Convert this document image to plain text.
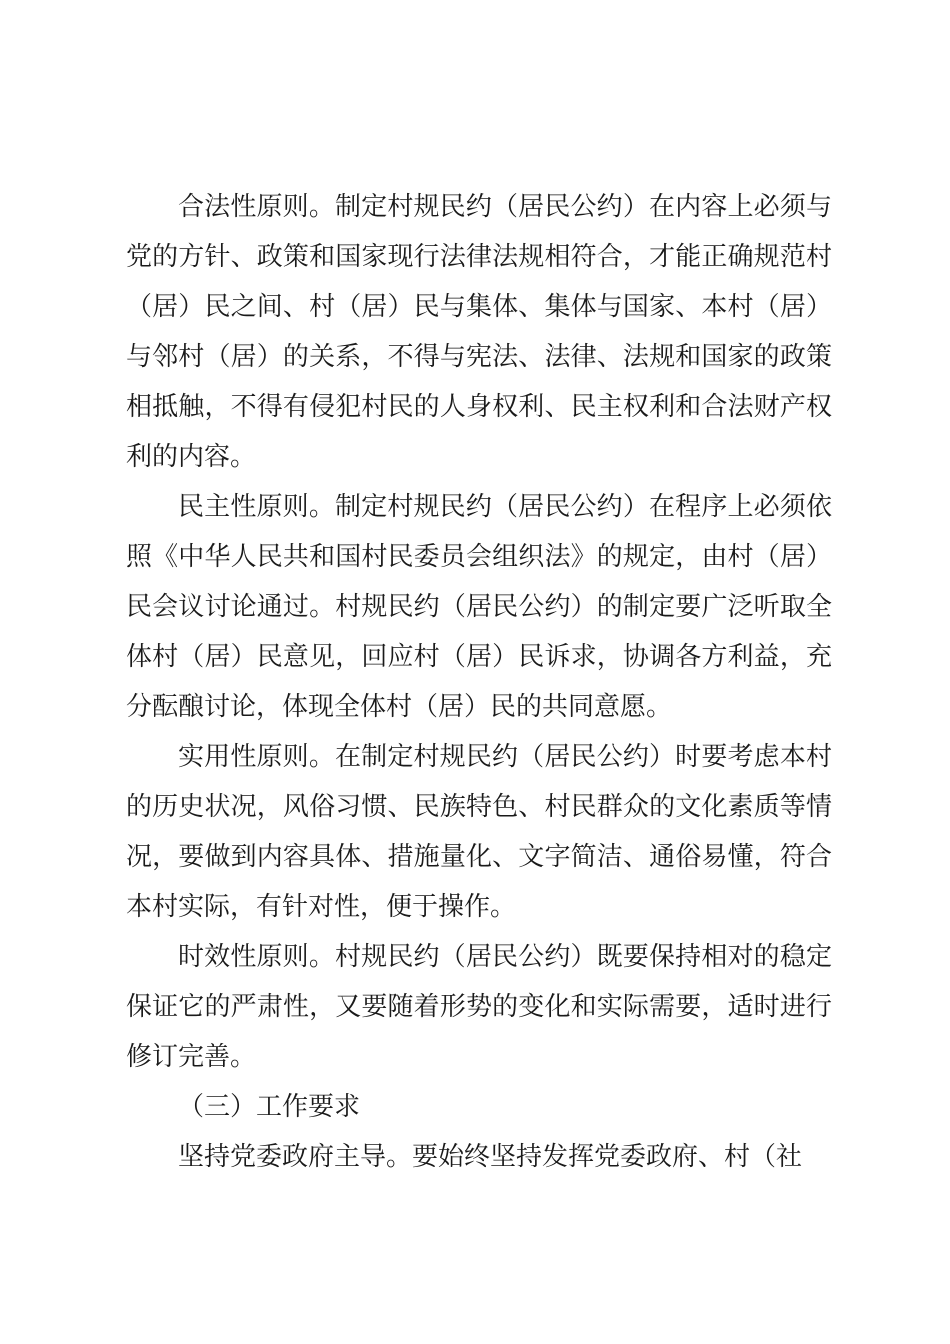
合法性原则。制定村规民约（居民公约）在内容上必须与党的方针、政策和国家现行法律法规相符合，才能正确规范村（居）民之间、村（居）民与集体、集体与国家、本村（居）与邻村（居）的关系，不得与宪法、法律、法规和国家的政策相抵触，不得有侵犯村民的人身权利、民主权利和合法财产权利的内容。

民主性原则。制定村规民约（居民公约）在程序上必须依照《中华人民共和国村民委员会组织法》的规定，由村（居）民会议讨论通过。村规民约（居民公约）的制定要广泛听取全体村（居）民意见，回应村（居）民诉求，协调各方利益，充分酝酿讨论，体现全体村（居）民的共同意愿。

实用性原则。在制定村规民约（居民公约）时要考虑本村的历史状况，风俗习惯、民族特色、村民群众的文化素质等情况，要做到内容具体、措施量化、文字简洁、通俗易懂，符合本村实际，有针对性，便于操作。

时效性原则。村规民约（居民公约）既要保持相对的稳定保证它的严肃性，又要随着形势的变化和实际需要，适时进行修订完善。

（三）工作要求

坚持党委政府主导。要始终坚持发挥党委政府、村（社
